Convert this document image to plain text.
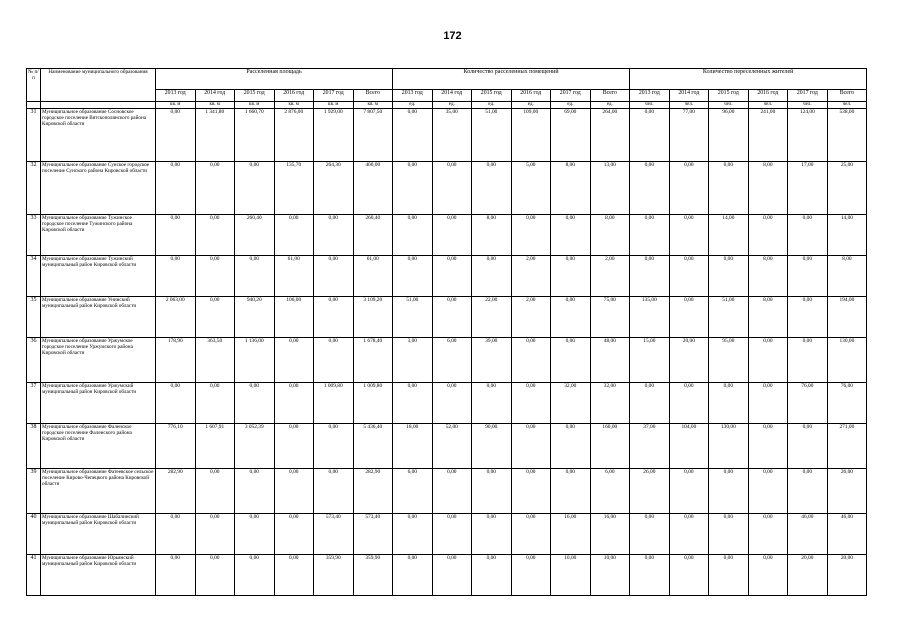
172
№ п/п	Наименование муниципального образования	Расселенная площадь						Количество расселенных помещений						Количество переселенных жителей					
		2013 год	2014 год	2015 год	2016 год	2017 год	Всего	2013 год	2014 год	2015 год	2016 год	2017 год	Всего	2013 год	2014 год	2015 год	2016 год	2017 год	Всего
		кв. м	кв. м	кв. м	кв. м	кв. м	кв. м	ед.	ед.	ед.	ед.	ед.	ед.	чел.	чел.	чел.	чел.	чел.	чел.
31	Муниципальное образование Сосновское городское поселение Вятскополянского района Кировской области	0,00	1 341,80	1 660,70	2 876,00	1 929,00	7 807,50	0,00	35,00	51,00	109,00	69,00	264,00	0,00	77,00	96,00	241,00	124,00	538,00
32	Муниципальное образование Сунское городское поселение Сунского района Кировской области	0,00	0,00	0,00	135,70	264,30	400,00	0,00	0,00	0,00	5,00	8,00	13,00	0,00	0,00	0,00	8,00	17,00	25,00
33	Муниципальное образование Тужинское городское поселение Тужинского района Кировской области	0,00	0,00	260,40	0,00	0,00	260,40	0,00	0,00	8,00	0,00	0,00	8,00	0,00	0,00	14,00	0,00	0,00	14,00
34	Муниципальное образование Тужинский муниципальный район Кировской области	0,00	0,00	0,00	61,00	0,00	61,00	0,00	0,00	0,00	2,00	0,00	2,00	0,00	0,00	0,00	8,00	0,00	8,00
35	Муниципальное образование Унинский муниципальный район Кировской области	2 063,00	0,00	940,20	106,00	0,00	3 109,20	51,00	0,00	22,00	2,00	0,00	75,00	135,00	0,00	51,00	8,00	0,00	194,00
36	Муниципальное образование Уржумское городское поселение Уржумского района Кировской области	178,90	363,50	1 136,00	0,00	0,00	1 678,40	3,00	6,00	39,00	0,00	0,00	48,00	15,00	20,00	95,00	0,00	0,00	130,00
37	Муниципальное образование Уржумский муниципальный район Кировской области	0,00	0,00	0,00	0,00	1 009,80	1 009,80	0,00	0,00	0,00	0,00	32,00	32,00	0,00	0,00	0,00	0,00	76,00	76,00
38	Муниципальное образование Фаленское городское поселение Фаленского района Кировской области	776,10	1 607,91	3 052,39	0,00	0,00	5 436,40	18,00	52,00	90,00	0,00	0,00	160,00	37,00	104,00	130,00	0,00	0,00	271,00
39	Муниципальное образование Фатеевское сельское поселение Кирово-Чепецкого района Кировской области	282,90	0,00	0,00	0,00	0,00	282,90	6,00	0,00	0,00	0,00	0,00	6,00	26,00	0,00	0,00	0,00	0,00	26,00
40	Муниципальное образование Шабалинский муниципальный район Кировской области	0,00	0,00	0,00	0,00	573,40	573,40	0,00	0,00	0,00	0,00	16,00	16,00	0,00	0,00	0,00	0,00	46,00	46,00
41	Муниципальное образование Юрьянский муниципальный район Кировской области	0,00	0,00	0,00	0,00	359,90	359,90	0,00	0,00	0,00	0,00	10,00	10,00	0,00	0,00	0,00	0,00	20,00	20,00
